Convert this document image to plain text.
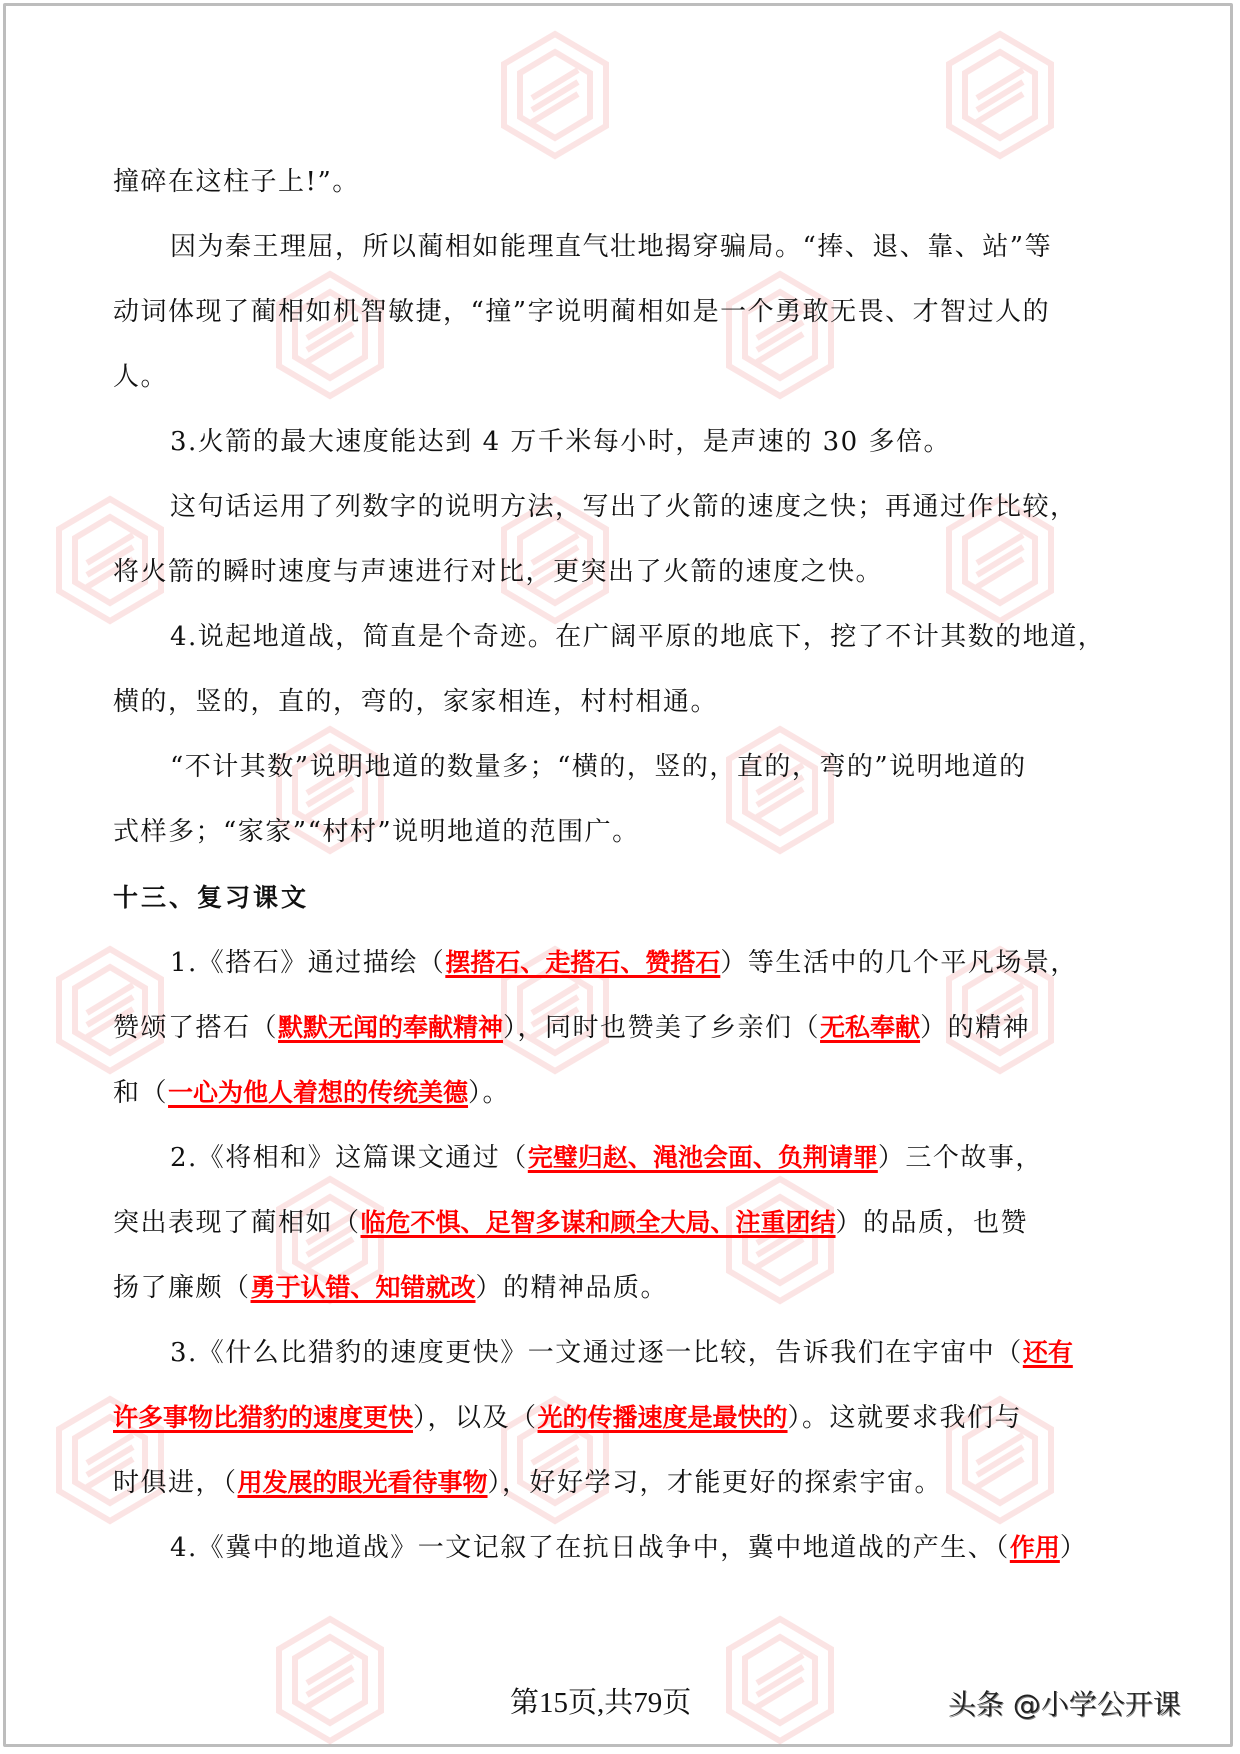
撞碎在这柱子上!”。
因为秦王理屈，所以蔺相如能理直气壮地揭穿骗局。“捧、退、靠、站”等
动词体现了蔺相如机智敏捷，“撞”字说明蔺相如是一个勇敢无畏、才智过人的
人。
3.火箭的最大速度能达到 4 万千米每小时，是声速的 30 多倍。
这句话运用了列数字的说明方法，写出了火箭的速度之快；再通过作比较，
将火箭的瞬时速度与声速进行对比，更突出了火箭的速度之快。
4.说起地道战，简直是个奇迹。在广阔平原的地底下，挖了不计其数的地道，
横的，竖的，直的，弯的，家家相连，村村相通。
“不计其数”说明地道的数量多；“横的，竖的，直的，弯的”说明地道的
式样多；“家家”“村村”说明地道的范围广。
十三、复习课文
1.《搭石》通过描绘（摆搭石、走搭石、赞搭石）等生活中的几个平凡场景，
赞颂了搭石（默默无闻的奉献精神），同时也赞美了乡亲们（无私奉献）的精神
和（一心为他人着想的传统美德）。
2.《将相和》这篇课文通过（完璧归赵、渑池会面、负荆请罪）三个故事，
突出表现了蔺相如（临危不惧、足智多谋和顾全大局、注重团结）的品质，也赞
扬了廉颇（勇于认错、知错就改）的精神品质。
3.《什么比猎豹的速度更快》一文通过逐一比较，告诉我们在宇宙中（还有
许多事物比猎豹的速度更快），以及（光的传播速度是最快的）。这就要求我们与
时俱进，（用发展的眼光看待事物），好好学习，才能更好的探索宇宙。
4.《冀中的地道战》一文记叙了在抗日战争中，冀中地道战的产生、（作用）
第15页,共79页	头条 @小学公开课
